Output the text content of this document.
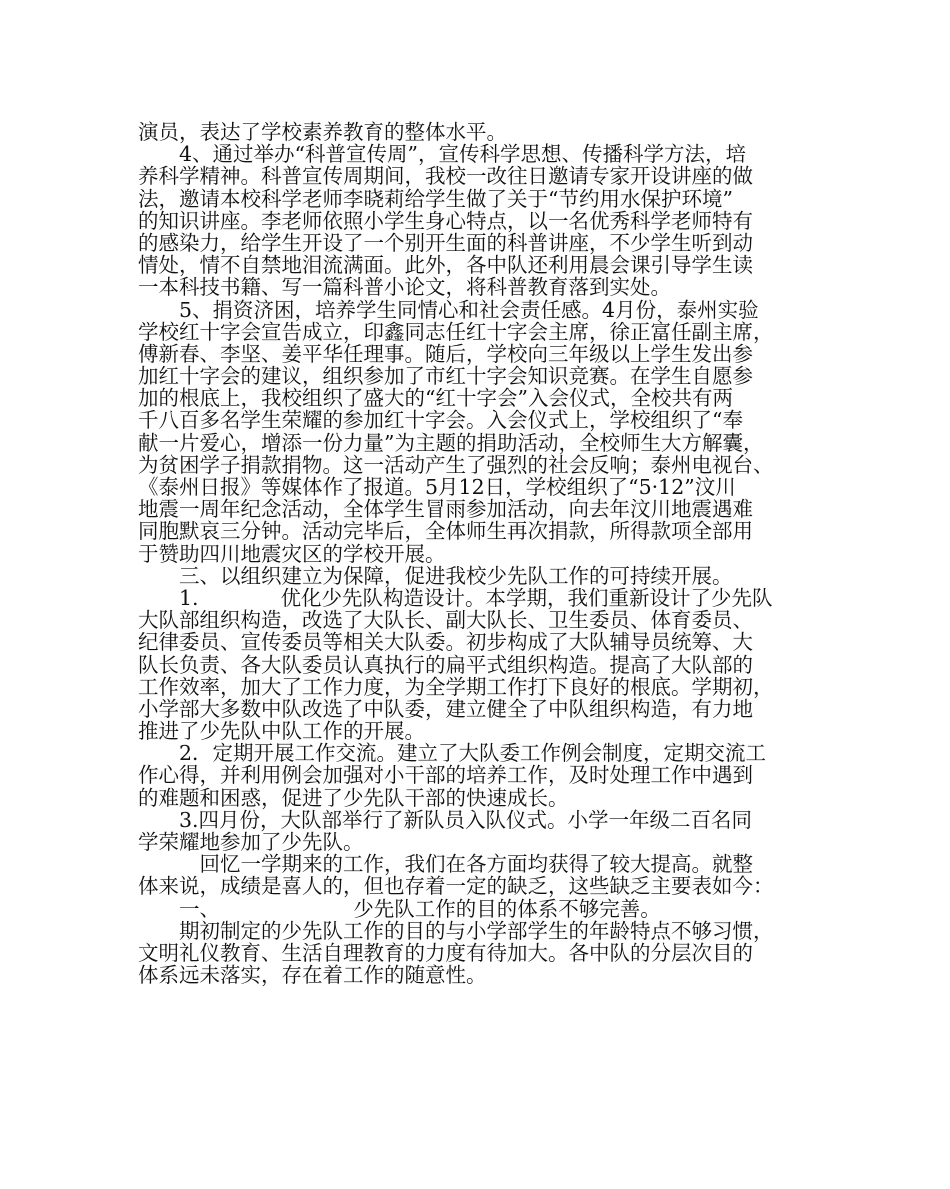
演员，表达了学校素养教育的整体水平。
　　4、通过举办“科普宣传周”，宣传科学思想、传播科学方法，培
养科学精神。科普宣传周期间，我校一改往日邀请专家开设讲座的做
法，邀请本校科学老师李晓莉给学生做了关于“节约用水保护环境”
的知识讲座。李老师依照小学生身心特点，以一名优秀科学老师特有
的感染力，给学生开设了一个别开生面的科普讲座，不少学生听到动
情处，情不自禁地泪流满面。此外，各中队还利用晨会课引导学生读
一本科技书籍、写一篇科普小论文，将科普教育落到实处。
　　5、捐资济困，培养学生同情心和社会责任感。4月份，泰州实验
学校红十字会宣告成立，印鑫同志任红十字会主席，徐正富任副主席，
傅新春、李坚、姜平华任理事。随后，学校向三年级以上学生发出参
加红十字会的建议，组织参加了市红十字会知识竞赛。在学生自愿参
加的根底上，我校组织了盛大的“红十字会”入会仪式，全校共有两
千八百多名学生荣耀的参加红十字会。入会仪式上，学校组织了“奉
献一片爱心，增添一份力量”为主题的捐助活动，全校师生大方解囊，
为贫困学子捐款捐物。这一活动产生了强烈的社会反响；泰州电视台、
《泰州日报》等媒体作了报道。5月12日，学校组织了“5·12”汶川
地震一周年纪念活动，全体学生冒雨参加活动，向去年汶川地震遇难
同胞默哀三分钟。活动完毕后，全体师生再次捐款，所得款项全部用
于赞助四川地震灾区的学校开展。
　　三、以组织建立为保障，促进我校少先队工作的可持续开展。
　　1.　　　　优化少先队构造设计。本学期，我们重新设计了少先队
大队部组织构造，改选了大队长、副大队长、卫生委员、体育委员、
纪律委员、宣传委员等相关大队委。初步构成了大队辅导员统筹、大
队长负责、各大队委员认真执行的扁平式组织构造。提高了大队部的
工作效率，加大了工作力度，为全学期工作打下良好的根底。学期初，
小学部大多数中队改选了中队委，建立健全了中队组织构造，有力地
推进了少先队中队工作的开展。
　　2．定期开展工作交流。建立了大队委工作例会制度，定期交流工
作心得，并利用例会加强对小干部的培养工作，及时处理工作中遇到
的难题和困惑，促进了少先队干部的快速成长。
　　3.四月份，大队部举行了新队员入队仪式。小学一年级二百名同
学荣耀地参加了少先队。
　　　回忆一学期来的工作，我们在各方面均获得了较大提高。就整
体来说，成绩是喜人的，但也存着一定的缺乏，这些缺乏主要表如今：
　　一、　　　　　　　少先队工作的目的体系不够完善。
　　期初制定的少先队工作的目的与小学部学生的年龄特点不够习惯，
文明礼仪教育、生活自理教育的力度有待加大。各中队的分层次目的
体系远未落实，存在着工作的随意性。
